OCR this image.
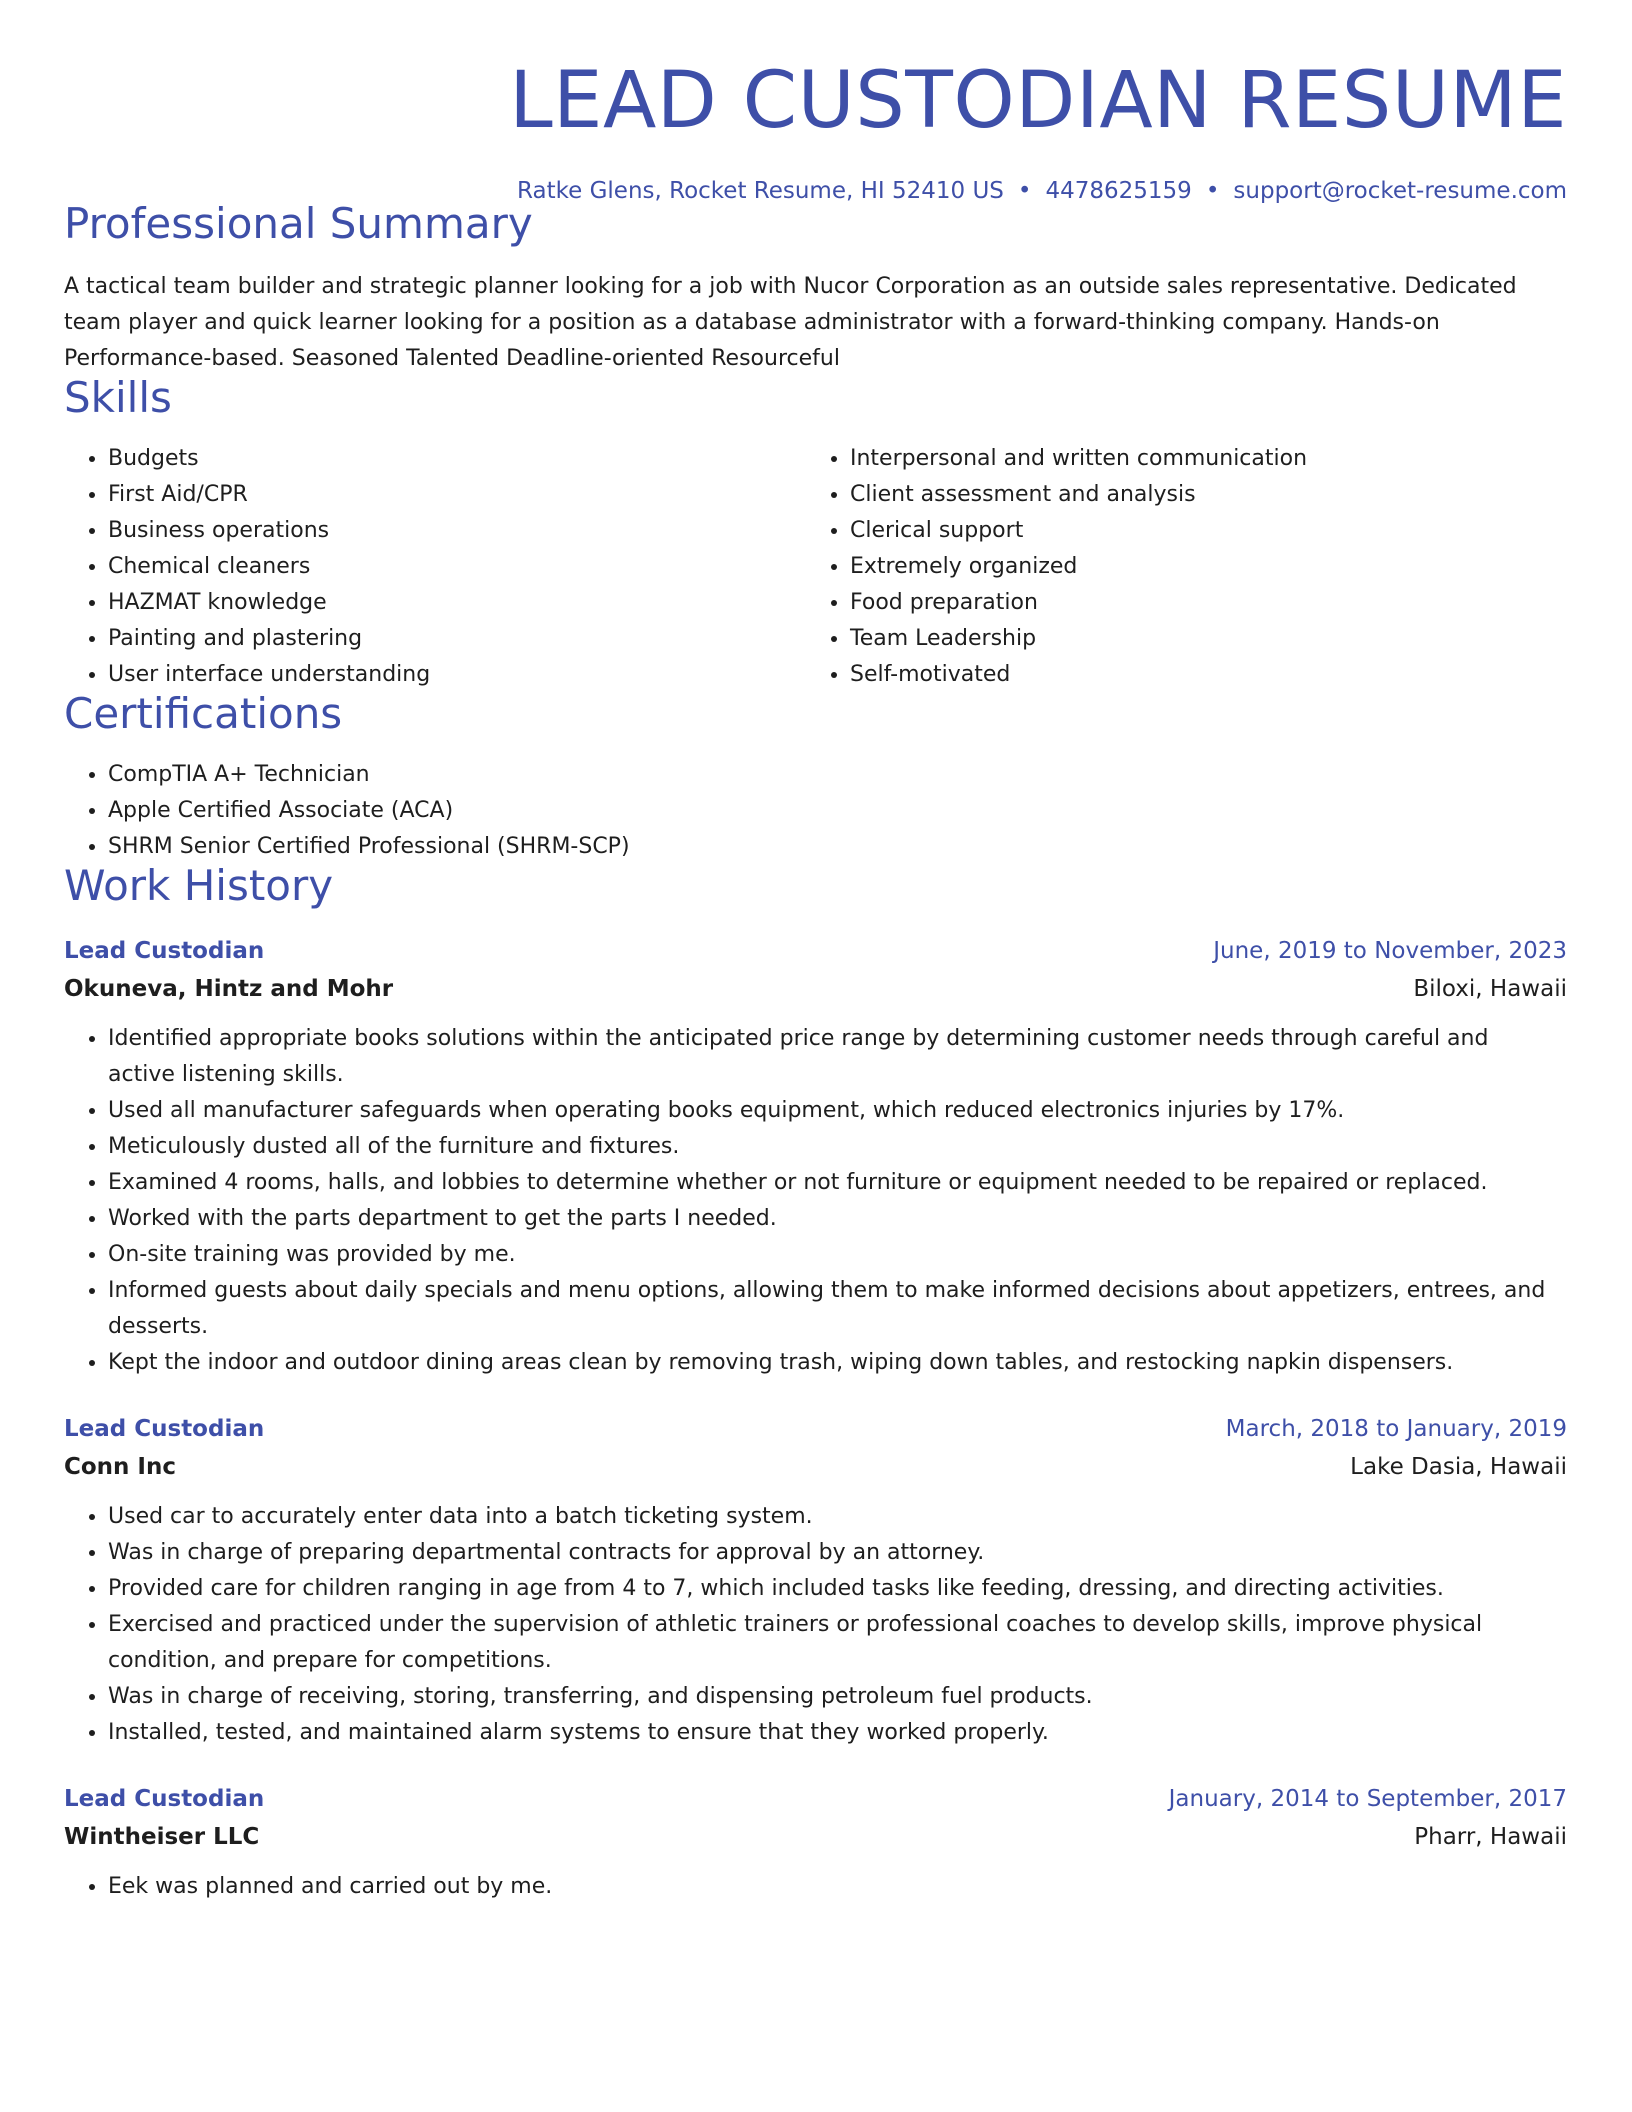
LEAD CUSTODIAN RESUME
Ratke Glens, Rocket Resume, HI 52410 US • 4478625159 • support@rocket-resume.com
Professional Summary
A tactical team builder and strategic planner looking for a job with Nucor Corporation as an outside sales representative. Dedicated team player and quick learner looking for a position as a database administrator with a forward-thinking company. Hands-on Performance-based. Seasoned Talented Deadline-oriented Resourceful
Skills
• Budgets
• First Aid/CPR
• Business operations
• Chemical cleaners
• HAZMAT knowledge
• Painting and plastering
• User interface understanding
• Interpersonal and written communication
• Client assessment and analysis
• Clerical support
• Extremely organized
• Food preparation
• Team Leadership
• Self-motivated
Certifications
• CompTIA A+ Technician
• Apple Certified Associate (ACA)
• SHRM Senior Certified Professional (SHRM-SCP)
Work History
Lead Custodian	June, 2019 to November, 2023
Okuneva, Hintz and Mohr	Biloxi, Hawaii
• Identified appropriate books solutions within the anticipated price range by determining customer needs through careful and active listening skills.
• Used all manufacturer safeguards when operating books equipment, which reduced electronics injuries by 17%.
• Meticulously dusted all of the furniture and fixtures.
• Examined 4 rooms, halls, and lobbies to determine whether or not furniture or equipment needed to be repaired or replaced.
• Worked with the parts department to get the parts I needed.
• On-site training was provided by me.
• Informed guests about daily specials and menu options, allowing them to make informed decisions about appetizers, entrees, and desserts.
• Kept the indoor and outdoor dining areas clean by removing trash, wiping down tables, and restocking napkin dispensers.
Lead Custodian	March, 2018 to January, 2019
Conn Inc	Lake Dasia, Hawaii
• Used car to accurately enter data into a batch ticketing system.
• Was in charge of preparing departmental contracts for approval by an attorney.
• Provided care for children ranging in age from 4 to 7, which included tasks like feeding, dressing, and directing activities.
• Exercised and practiced under the supervision of athletic trainers or professional coaches to develop skills, improve physical condition, and prepare for competitions.
• Was in charge of receiving, storing, transferring, and dispensing petroleum fuel products.
• Installed, tested, and maintained alarm systems to ensure that they worked properly.
Lead Custodian	January, 2014 to September, 2017
Wintheiser LLC	Pharr, Hawaii
• Eek was planned and carried out by me.
